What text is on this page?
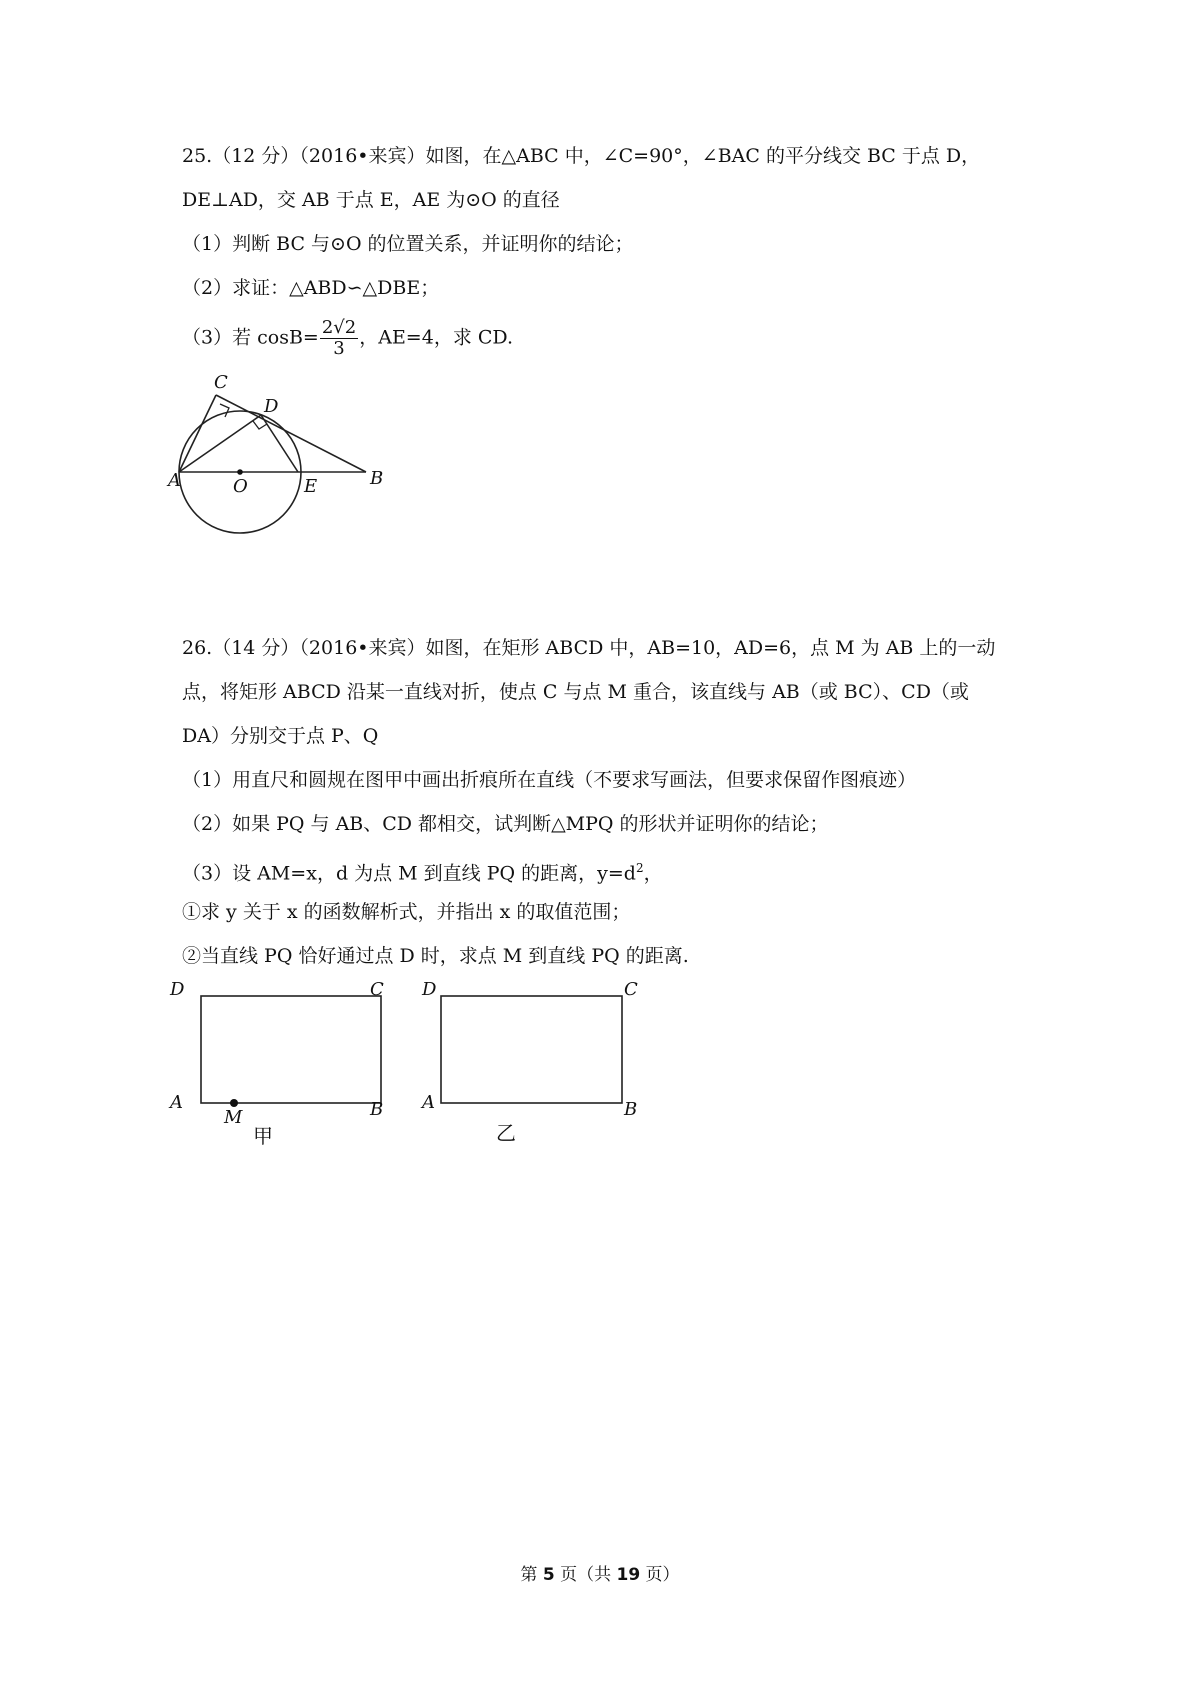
25.（12 分）（2016•来宾）如图，在△ABC 中，∠C=90°，∠BAC 的平分线交 BC 于点 D，
DE⊥AD，交 AB 于点 E，AE 为⊙O 的直径
（1）判断 BC 与⊙O 的位置关系，并证明你的结论；
（2）求证：△ABD∽△DBE；
（3）若 $\cos B= \frac{2√2}{3}$ ，AE=4，求 CD.
C
D
A	O	E	B
26.（14 分）（2016•来宾）如图，在矩形 ABCD 中，AB=10，AD=6，点 M 为 AB 上的一动
点，将矩形 ABCD 沿某一直线对折，使点 C 与点 M 重合，该直线与 AB（或 BC）、CD（或
DA）分别交于点 P、Q
（1）用直尺和圆规在图甲中画出折痕所在直线（不要求写画法，但要求保留作图痕迹）
（2）如果 PQ 与 AB、CD 都相交，试判断△MPQ 的形状并证明你的结论；
（3）设 AM=x，d 为点 M 到直线 PQ 的距离，$y=d^2$，
①求 y 关于 x 的函数解析式，并指出 x 的取值范围；
②当直线 PQ 恰好通过点 D 时，求点 M 到直线 PQ 的距离.
D	C
A	B
M
甲
D	C
A	B
乙
第 5 页（共 19 页）
